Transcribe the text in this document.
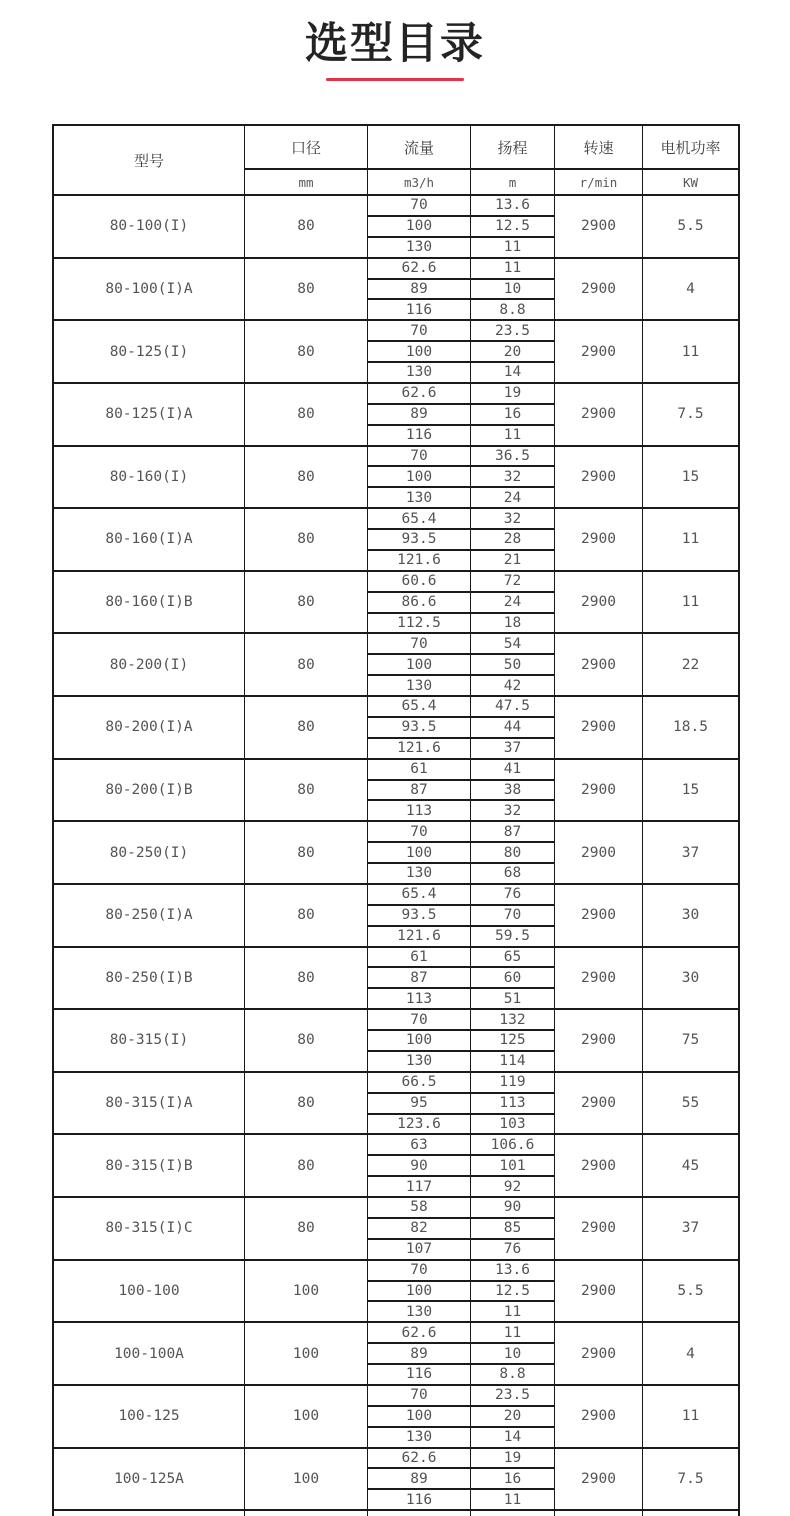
选型目录
型号	口径	流量	扬程	转速	电机功率
	mm	m3/h	m	r/min	KW
80-100(I)	80	70	13.6	2900	5.5
		100	12.5		
		130	11		
80-100(I)A	80	62.6	11	2900	4
		89	10		
		116	8.8		
80-125(I)	80	70	23.5	2900	11
		100	20		
		130	14		
80-125(I)A	80	62.6	19	2900	7.5
		89	16		
		116	11		
80-160(I)	80	70	36.5	2900	15
		100	32		
		130	24		
80-160(I)A	80	65.4	32	2900	11
		93.5	28		
		121.6	21		
80-160(I)B	80	60.6	72	2900	11
		86.6	24		
		112.5	18		
80-200(I)	80	70	54	2900	22
		100	50		
		130	42		
80-200(I)A	80	65.4	47.5	2900	18.5
		93.5	44		
		121.6	37		
80-200(I)B	80	61	41	2900	15
		87	38		
		113	32		
80-250(I)	80	70	87	2900	37
		100	80		
		130	68		
80-250(I)A	80	65.4	76	2900	30
		93.5	70		
		121.6	59.5		
80-250(I)B	80	61	65	2900	30
		87	60		
		113	51		
80-315(I)	80	70	132	2900	75
		100	125		
		130	114		
80-315(I)A	80	66.5	119	2900	55
		95	113		
		123.6	103		
80-315(I)B	80	63	106.6	2900	45
		90	101		
		117	92		
80-315(I)C	80	58	90	2900	37
		82	85		
		107	76		
100-100	100	70	13.6	2900	5.5
		100	12.5		
		130	11		
100-100A	100	62.6	11	2900	4
		89	10		
		116	8.8		
100-125	100	70	23.5	2900	11
		100	20		
		130	14		
100-125A	100	62.6	19	2900	7.5
		89	16		
		116	11		
